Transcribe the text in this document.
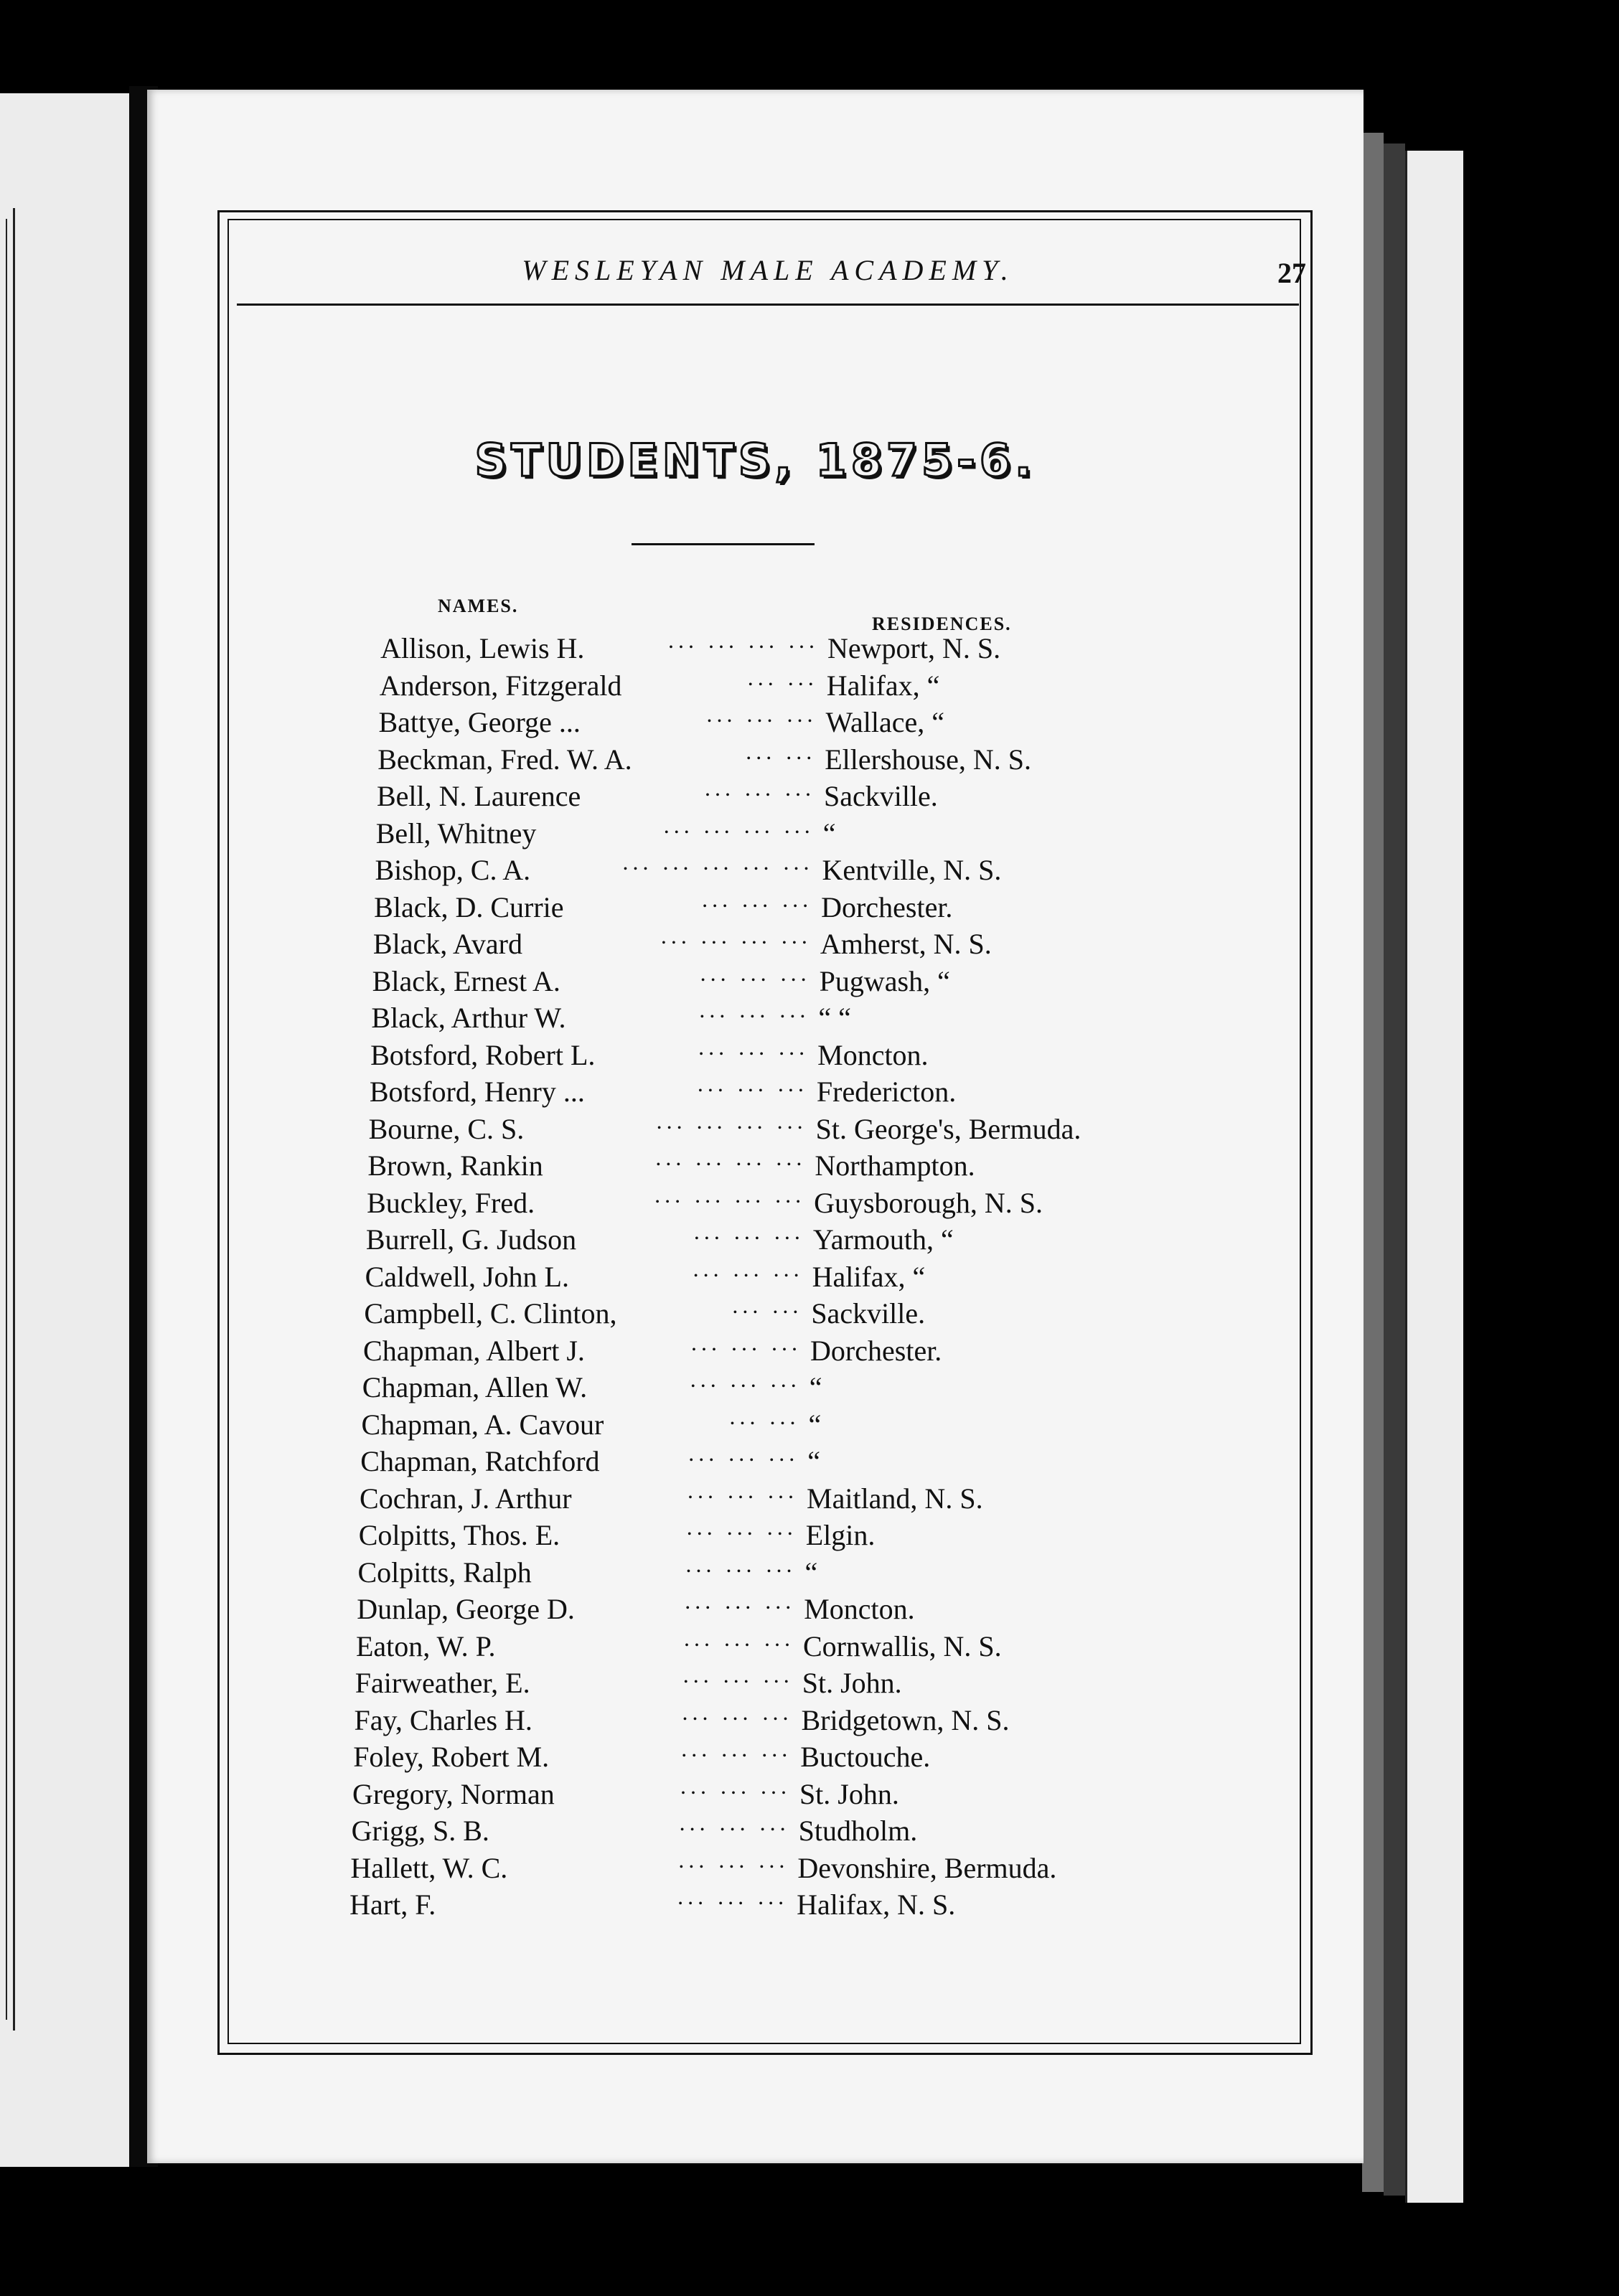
WESLEYAN MALE ACADEMY.	27
STUDENTS, 1875-6.
NAMES.
RESIDENCES.
Allison, Lewis H.	... ... ... ... Newport, N. S.
Anderson, Fitzgerald	... ... Halifax, “
Battye, George ...	... ... ... Wallace, “
Beckman, Fred. W. A.	... ... Ellershouse, N. S.
Bell, N. Laurence	... ... ... Sackville.
Bell, Whitney	... ... ... ... “
Bishop, C. A.	... ... ... ... ... Kentville, N. S.
Black, D. Currie	... ... ... Dorchester.
Black, Avard	... ... ... ... Amherst, N. S.
Black, Ernest A.	... ... ... Pugwash, “
Black, Arthur W.	... ... ... “ “
Botsford, Robert L.	... ... ... Moncton.
Botsford, Henry ...	... ... ... Fredericton.
Bourne, C. S.	... ... ... ... St. George's, Bermuda.
Brown, Rankin	... ... ... ... Northampton.
Buckley, Fred.	... ... ... ... Guysborough, N. S.
Burrell, G. Judson	... ... ... Yarmouth, “
Caldwell, John L.	... ... ... Halifax, “
Campbell, C. Clinton,	... ... Sackville.
Chapman, Albert J.	... ... ... Dorchester.
Chapman, Allen W.	... ... ... “
Chapman, A. Cavour	... ... “
Chapman, Ratchford	... ... ... “
Cochran, J. Arthur	... ... ... Maitland, N. S.
Colpitts, Thos. E.	... ... ... Elgin.
Colpitts, Ralph	... ... ... “
Dunlap, George D.	... ... ... Moncton.
Eaton, W. P.	... ... ... Cornwallis, N. S.
Fairweather, E.	... ... ... St. John.
Fay, Charles H.	... ... ... Bridgetown, N. S.
Foley, Robert M.	... ... ... Buctouche.
Gregory, Norman	... ... ... St. John.
Grigg, S. B.	... ... ... Studholm.
Hallett, W. C.	... ... ... Devonshire, Bermuda.
Hart, F.	... ... ... Halifax, N. S.
